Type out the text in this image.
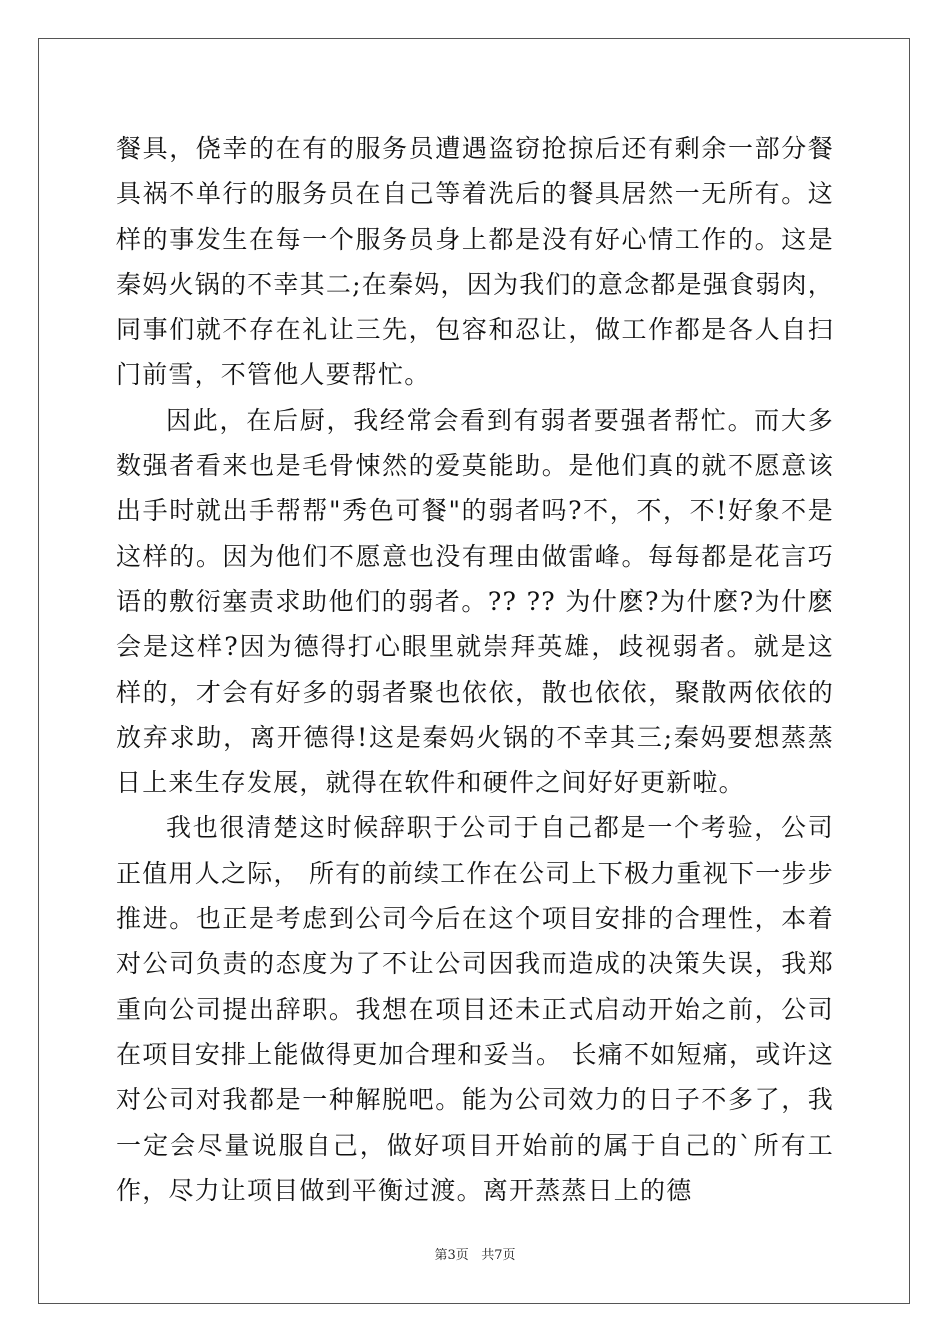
餐具，侥幸的在有的服务员遭遇盗窃抢掠后还有剩余一部分餐具祸不单行的服务员在自己等着洗后的餐具居然一无所有。这样的事发生在每一个服务员身上都是没有好心情工作的。这是秦妈火锅的不幸其二;在秦妈，因为我们的意念都是强食弱肉，同事们就不存在礼让三先，包容和忍让，做工作都是各人自扫门前雪，不管他人要帮忙。

因此，在后厨，我经常会看到有弱者要强者帮忙。而大多数强者看来也是毛骨悚然的爱莫能助。是他们真的就不愿意该出手时就出手帮帮"秀色可餐"的弱者吗?不，不，不!好象不是这样的。因为他们不愿意也没有理由做雷峰。每每都是花言巧语的敷衍塞责求助他们的弱者。?? ?? 为什麽?为什麽?为什麽会是这样?因为德得打心眼里就崇拜英雄，歧视弱者。就是这样的，才会有好多的弱者聚也依依，散也依依，聚散两依依的放弃求助，离开德得!这是秦妈火锅的不幸其三;秦妈要想蒸蒸日上来生存发展，就得在软件和硬件之间好好更新啦。

我也很清楚这时候辞职于公司于自己都是一个考验，公司正值用人之际， 所有的前续工作在公司上下极力重视下一步步推进。也正是考虑到公司今后在这个项目安排的合理性，本着对公司负责的态度为了不让公司因我而造成的决策失误，我郑重向公司提出辞职。我想在项目还未正式启动开始之前，公司在项目安排上能做得更加合理和妥当。 长痛不如短痛，或许这对公司对我都是一种解脱吧。能为公司效力的日子不多了，我一定会尽量说服自己，做好项目开始前的属于自己的`所有工作，尽力让项目做到平衡过渡。离开蒸蒸日上的德

第3页 共7页
